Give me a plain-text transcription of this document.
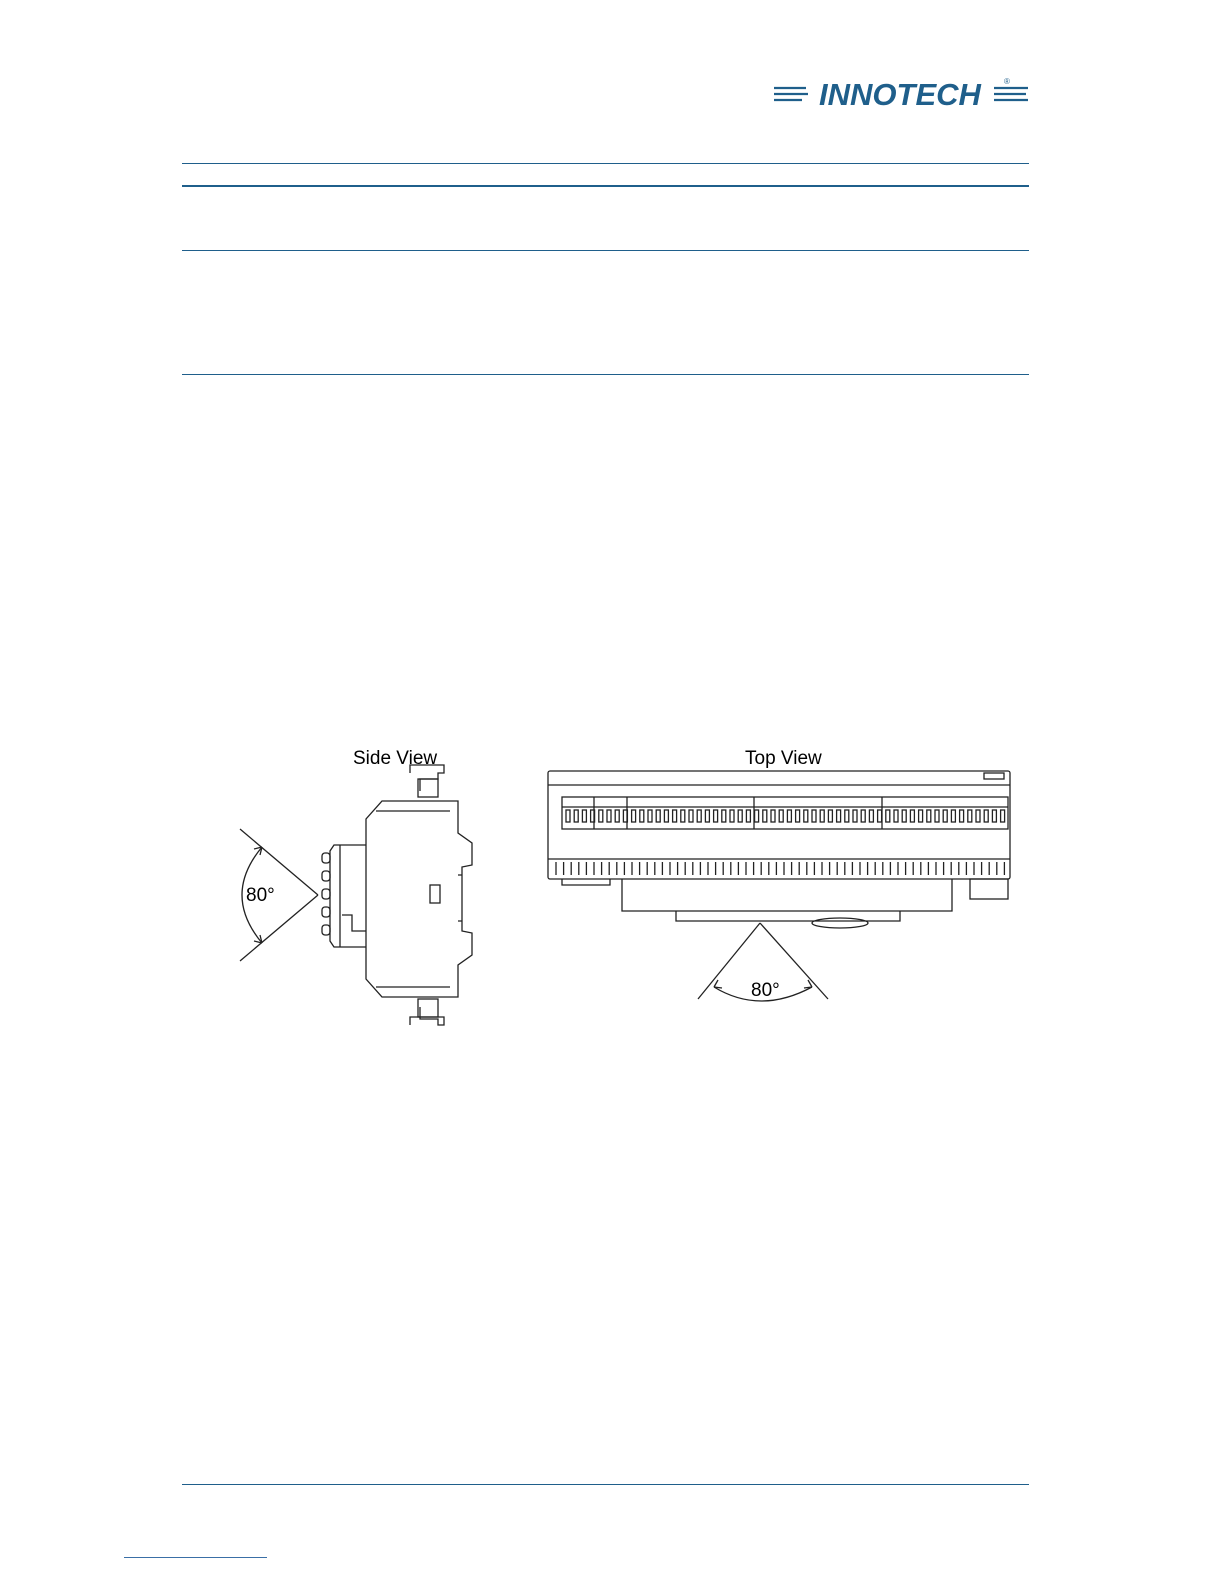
INNOTECH	®
Side View	Top View
80°
80°
